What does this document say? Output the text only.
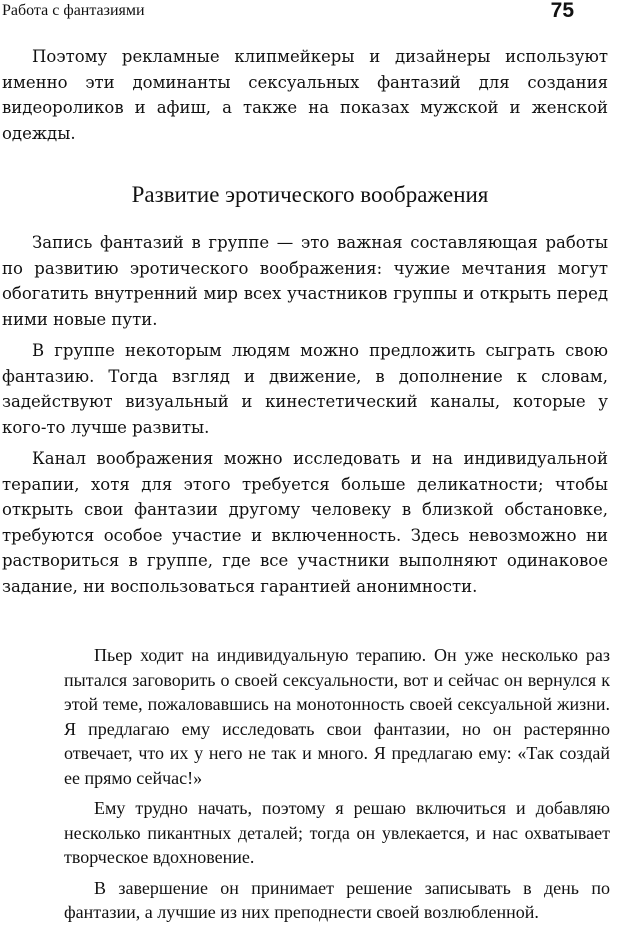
Работа с фантазиями	75

Поэтому рекламные клипмейкеры и дизайнеры используют именно эти доминанты сексуальных фантазий для создания видеороликов и афиш, а также на показах мужской и женской одежды.

Развитие эротического воображения

Запись фантазий в группе — это важная составляющая работы по развитию эротического воображения: чужие мечтания могут обогатить внутренний мир всех участников группы и открыть перед ними новые пути.

В группе некоторым людям можно предложить сыграть свою фантазию. Тогда взгляд и движение, в дополнение к словам, задействуют визуальный и кинестетический каналы, которые у кого-то лучше развиты.

Канал воображения можно исследовать и на индивидуальной терапии, хотя для этого требуется больше деликатности; чтобы открыть свои фантазии другому человеку в близкой обстановке, требуются особое участие и включенность. Здесь невозможно ни раствориться в группе, где все участники выполняют одинаковое задание, ни воспользоваться гарантией анонимности.

Пьер ходит на индивидуальную терапию. Он уже несколько раз пытался заговорить о своей сексуальности, вот и сейчас он вернулся к этой теме, пожаловавшись на монотонность своей сексуальной жизни. Я предлагаю ему исследовать свои фантазии, но он растерянно отвечает, что их у него не так и много. Я предлагаю ему: «Так создай ее прямо сейчас!»

Ему трудно начать, поэтому я решаю включиться и добавляю несколько пикантных деталей; тогда он увлекается, и нас охватывает творческое вдохновение.

В завершение он принимает решение записывать в день по фантазии, а лучшие из них преподнести своей возлюбленной.
